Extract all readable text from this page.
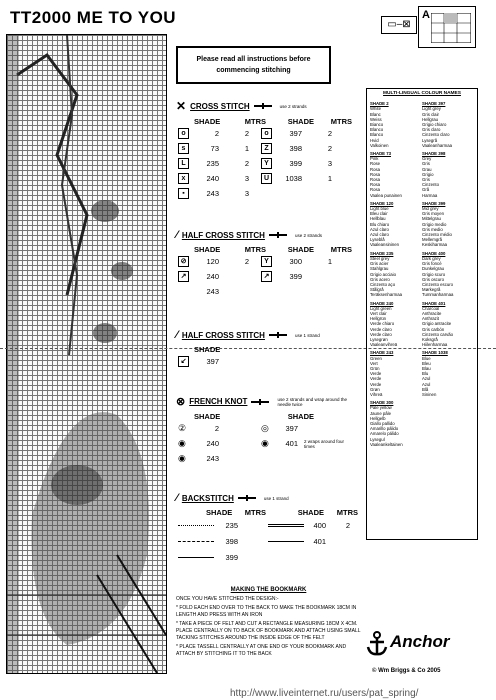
TT2000 ME TO YOU	▭–⊠
A
Please read all instructions before
commencing stitching
✕ CROSS STITCH	use 2 strands
SHADE	MTRS	SHADE	MTRS
o	2	2	o	397	2
s	73	1	Z	398	2
L	235	2	Y	399	3
x	240	3	U	1038	1
▪	243	3
⁄ HALF CROSS STITCH	use 2 strands
SHADE	MTRS	SHADE	MTRS
⊘	120	2	Y	300	1
↗	240	↗	399
243
⁄ HALF CROSS STITCH	use 1 strand
SHADE
↙	397
⊗ FRENCH KNOT	use 2 strands and wrap around the needle twice
SHADE	SHADE
②	2	◎	397
◉	240	◉	401 2 wraps around four times
◉	243
⁄ BACKSTITCH	use 1 strand
SHADE	MTRS	SHADE	MTRS
235	400	2
398	401
399
MULTI-LINGUAL COLOUR NAMES
SHADE 2	SHADE 397
White	Light grey
Blanc	Gris clair
Weiss	Hellgrau
Bianco	Grigio chiaro
Blanco	Gris claro
Blanco	Cinzento claro
Hvid	Lysegrå
Valkoinen	Vaaleanharmaa
SHADE 73	SHADE 398
Pink	Grey
Rose	Gris
Rosa	Grau
Rosa	Grigio
Rosa	Gris
Rosa	Cinzento
Rosa	Grå
Vaalea punainen	Harmaa
SHADE 120	SHADE 399
Light blue	Mid grey
Bleu clair	Gris moyen
Hellblau	Mittelgrau
Blu chiaro	Grigio medio
Azul claro	Gris medio
Azul claro	Cinzento médio
Lyseblå	Mellemgrå
Vaaleansininen	Keskiharmaa
SHADE 235	SHADE 400
Steel grey	Dark grey
Gris acier	Gris foncé
Stahlgrau	Dunkelgrau
Grigio acciaio	Grigio scuro
Gris acero	Gris oscuro
Cinzento aço	Cinzento escuro
Stålgrå	Mørkegrå
Teräksenharmaa	Tummanharmaa
SHADE 240	SHADE 401
Light green	Charcoal
Vert clair	Anthracite
Hellgrün	Anthrazit
Verde chiaro	Grigio antracite
Verde claro	Gris carbón
Verde claro	Cinzento carvão
Lysegrøn	Koksgrå
Vaaleanvihreä	Hiilenharmaa
SHADE 243	SHADE 1038
Green	Blue
Vert	Bleu
Grün	Blau
Verde	Blu
Verde	Azul
Verde	Azul
Grøn	Blå
Vihreä	Sininen
SHADE 300
Pale yellow
Jaune pâle
Hellgelb
Giallo pallido
Amarillo pálido
Amarelo pálido
Lysegul
Vaaleankeltainen
MAKING THE BOOKMARK

ONCE YOU HAVE STITCHED THE DESIGN:-

* FOLD EACH END OVER TO THE BACK TO MAKE THE BOOKMARK 18CM IN LENGTH AND PRESS WITH AN IRON

* TAKE A PIECE OF FELT AND CUT A RECTANGLE MEASURING 18CM X 4CM. PLACE CENTRALLY ON TO BACK OF BOOKMARK AND ATTACH USING SMALL TACKING STITCHES AROUND THE INSIDE EDGE OF THE FELT

* PLACE TASSELL CENTRALLY AT ONE END OF YOUR BOOKMARK AND ATTACH BY STITCHING IT TO THE BACK

Anchor
© Wm Briggs & Co 2005
http://www.liveinternet.ru/users/pat_spring/
